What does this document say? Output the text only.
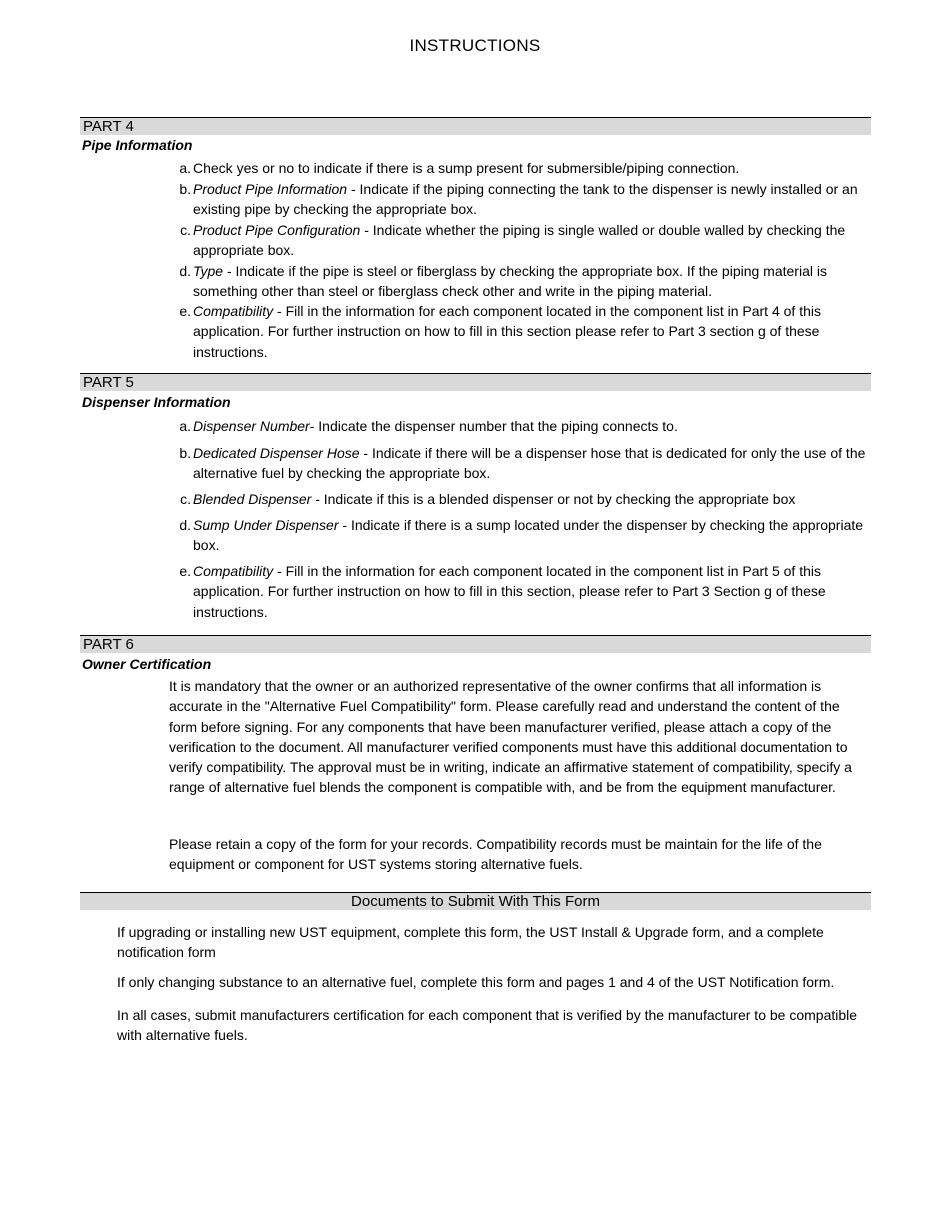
INSTRUCTIONS
PART 4
Pipe Information
a. Check yes or no to indicate if there is a sump present for submersible/piping connection.
b. Product Pipe Information - Indicate if the piping connecting the tank to the dispenser is newly installed or an existing pipe by checking the appropriate box.
c. Product Pipe Configuration - Indicate whether the piping is single walled or double walled by checking the appropriate box.
d. Type - Indicate if the pipe is steel or fiberglass by checking the appropriate box. If the piping material is something other than steel or fiberglass check other and write in the piping material.
e. Compatibility - Fill in the information for each component located in the component list in Part 4 of this application. For further instruction on how to fill in this section please refer to Part 3 section g of these instructions.
PART 5
Dispenser Information
a. Dispenser Number- Indicate the dispenser number that the piping connects to.
b. Dedicated Dispenser Hose - Indicate if there will be a dispenser hose that is dedicated for only the use of the alternative fuel by checking the appropriate box.
c. Blended Dispenser - Indicate if this is a blended dispenser or not by checking the appropriate box
d. Sump Under Dispenser - Indicate if there is a sump located under the dispenser by checking the appropriate box.
e. Compatibility - Fill in the information for each component located in the component list in Part 5 of this application. For further instruction on how to fill in this section, please refer to Part 3 Section g of these instructions.
PART 6
Owner Certification
It is mandatory that the owner or an authorized representative of the owner confirms that all information is accurate in the "Alternative Fuel Compatibility" form. Please carefully read and understand the content of the form before signing. For any components that have been manufacturer verified, please attach a copy of the verification to the document. All manufacturer verified components must have this additional documentation to verify compatibility. The approval must be in writing, indicate an affirmative statement of compatibility, specify a range of alternative fuel blends the component is compatible with, and be from the equipment manufacturer.
Please retain a copy of the form for your records. Compatibility records must be maintain for the life of the equipment or component for UST systems storing alternative fuels.
Documents to Submit With This Form
If upgrading or installing new UST equipment, complete this form, the UST Install & Upgrade form, and a complete notification form
If only changing substance to an alternative fuel, complete this form and pages 1 and 4 of the UST Notification form.
In all cases, submit manufacturers certification for each component that is verified by the manufacturer to be compatible with alternative fuels.
